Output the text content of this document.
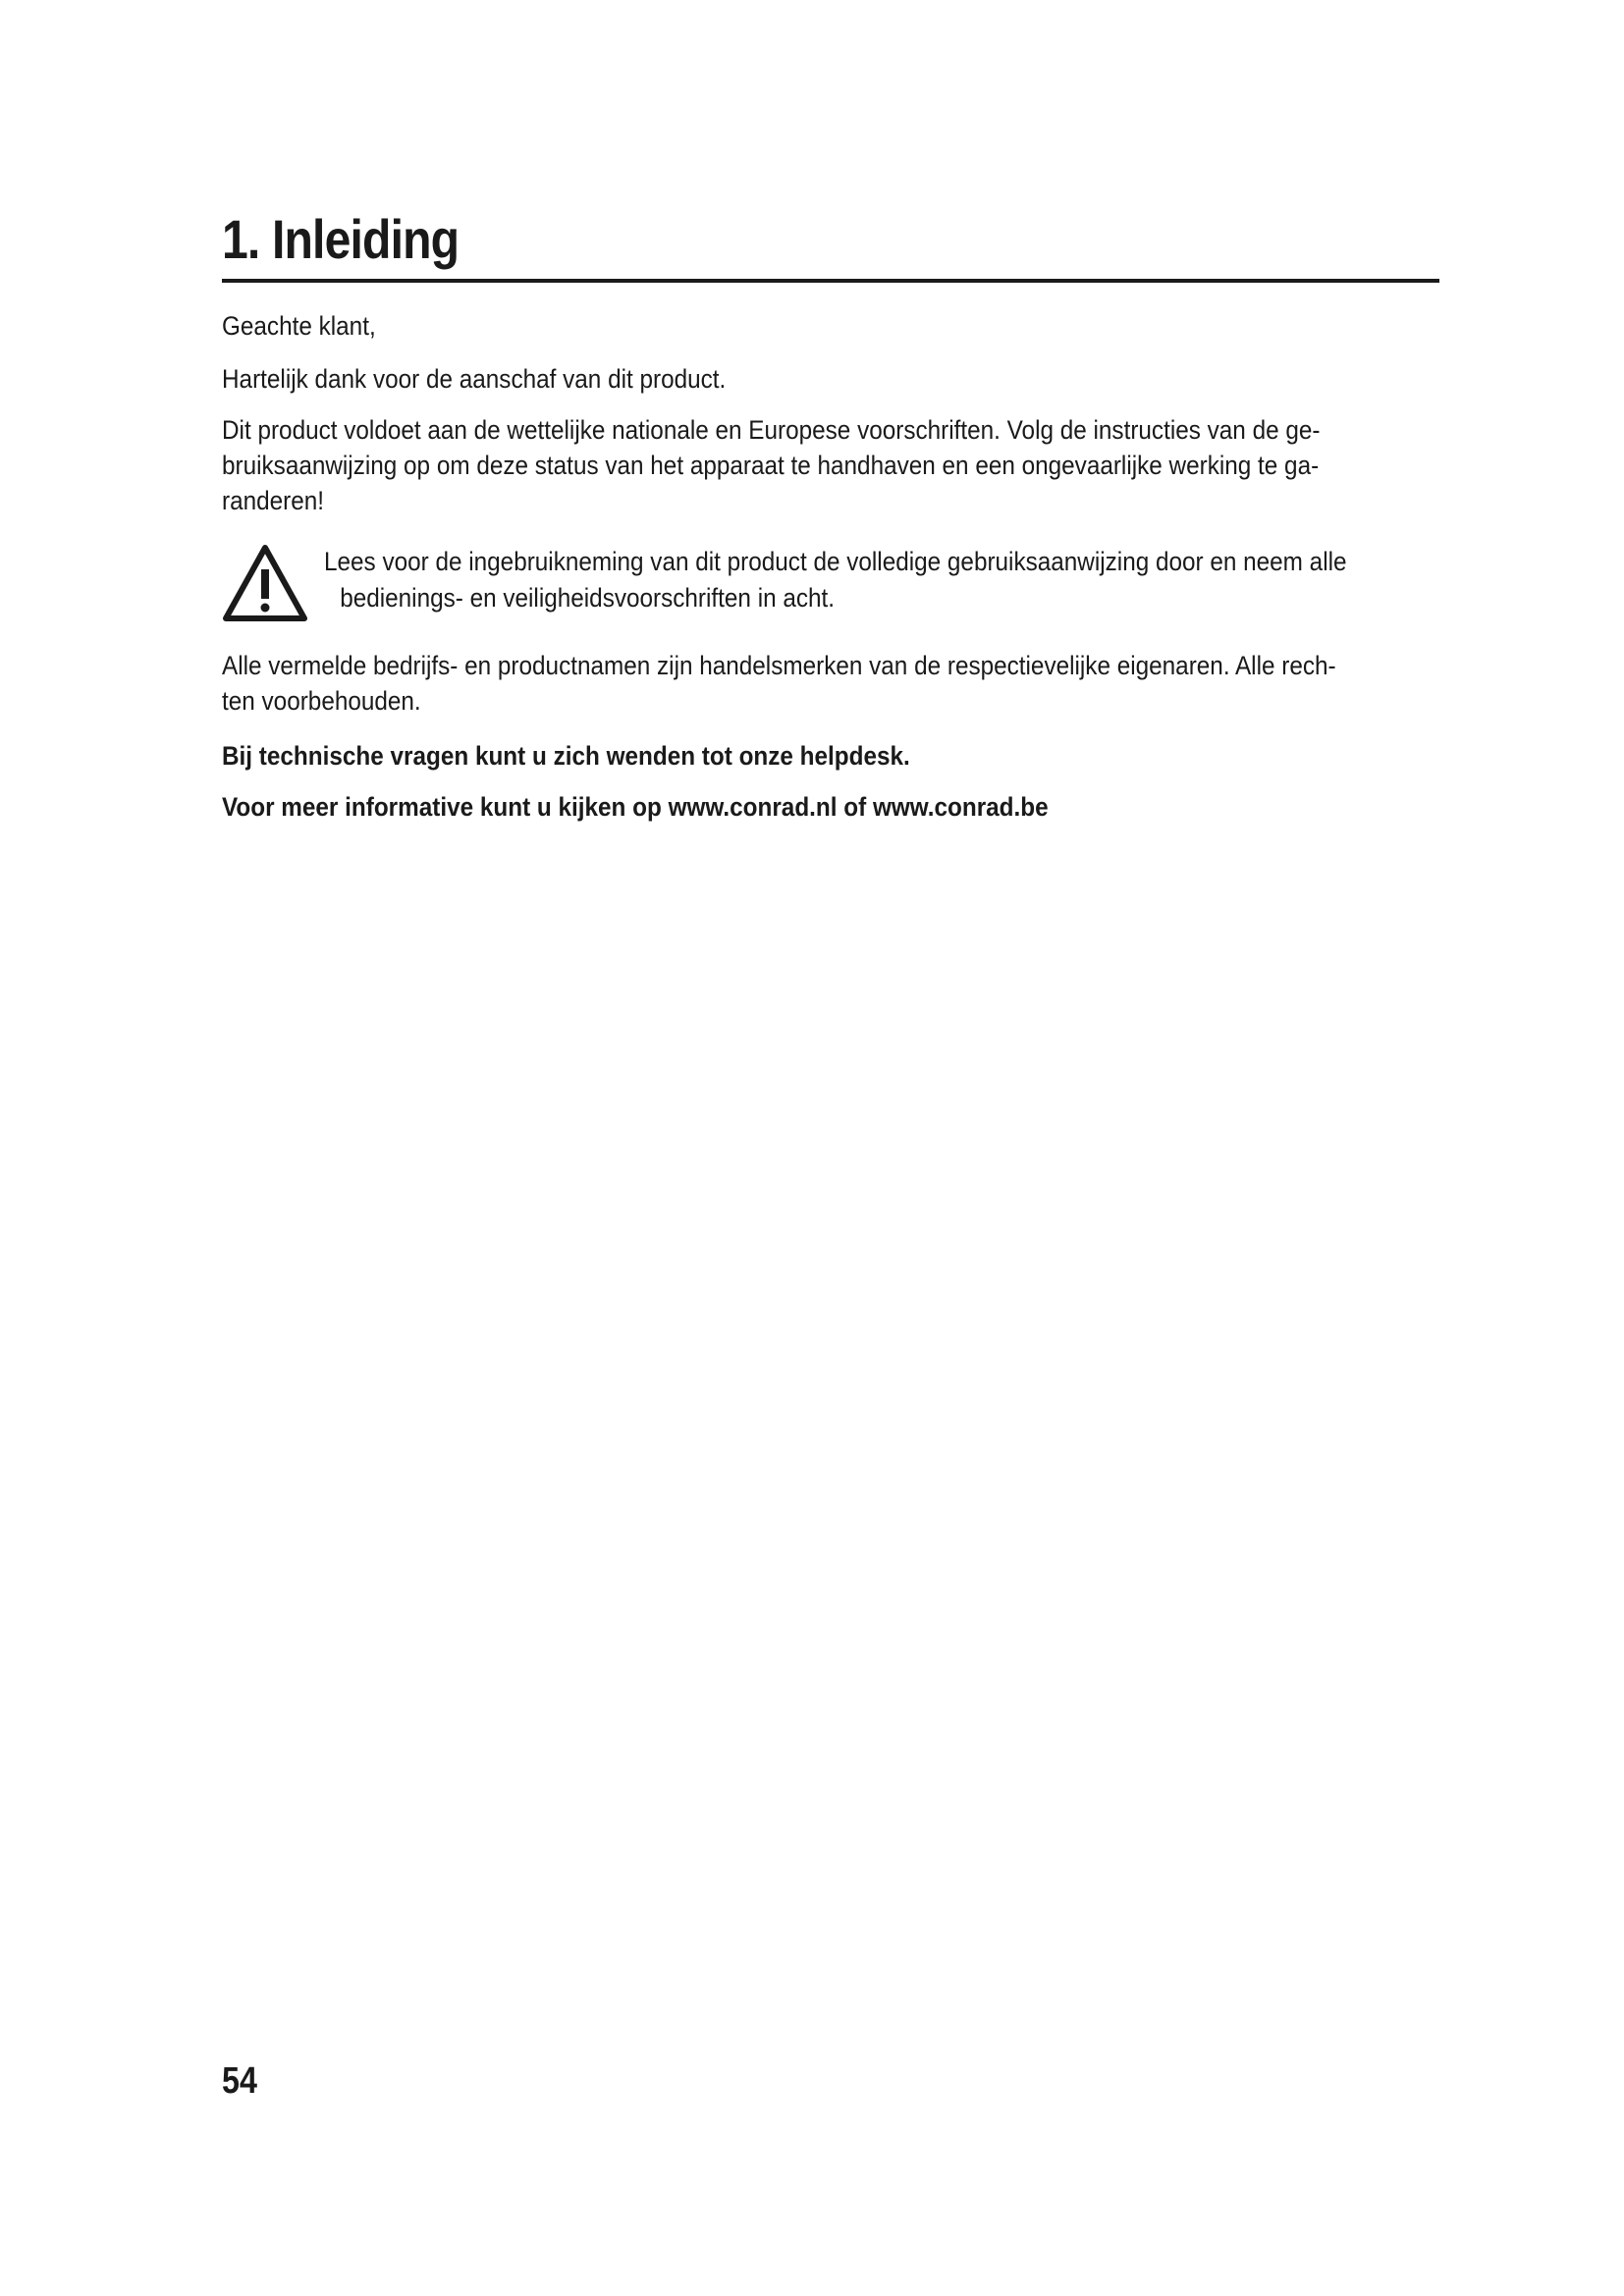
1. Inleiding

Geachte klant,

Hartelijk dank voor de aanschaf van dit product.

Dit product voldoet aan de wettelijke nationale en Europese voorschriften. Volg de instructies van de ge-
bruiksaanwijzing op om deze status van het apparaat te handhaven en een ongevaarlijke werking te ga-
randeren!

Lees voor de ingebruikneming van dit product de volledige gebruiksaanwijzing door en neem alle
bedienings- en veiligheidsvoorschriften in acht.

Alle vermelde bedrijfs- en productnamen zijn handelsmerken van de respectievelijke eigenaren. Alle rech-
ten voorbehouden.

Bij technische vragen kunt u zich wenden tot onze helpdesk.

Voor meer informative kunt u kijken op www.conrad.nl of www.conrad.be

54
